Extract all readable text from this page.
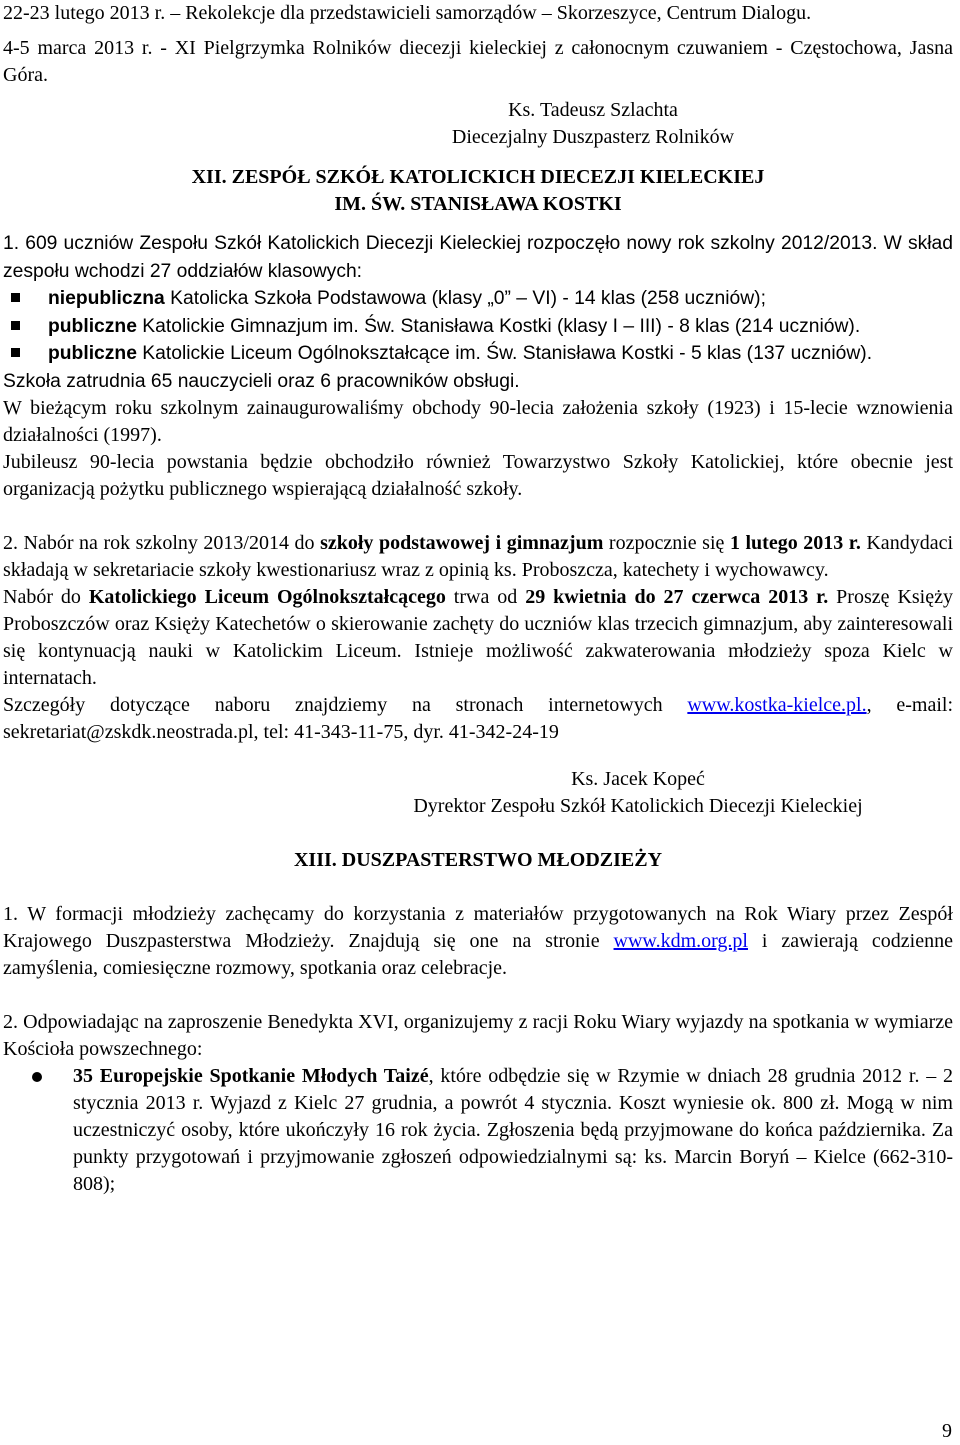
22-23 lutego 2013 r. – Rekolekcje dla przedstawicieli samorządów – Skorzeszyce, Centrum Dialogu.

4-5 marca 2013 r. - XI Pielgrzymka Rolników diecezji kieleckiej z całonocnym czuwaniem - Częstochowa, Jasna Góra.

Ks. Tadeusz Szlachta
Diecezjalny Duszpasterz Rolników
XII. ZESPÓŁ SZKÓŁ KATOLICKICH DIECEZJI KIELECKIEJ
IM. ŚW. STANISŁAWA KOSTKI

1. 609 uczniów Zespołu Szkół Katolickich Diecezji Kieleckiej rozpoczęło nowy rok szkolny 2012/2013. W skład zespołu wchodzi 27 oddziałów klasowych:

niepubliczna Katolicka Szkoła Podstawowa (klasy „0” – VI) - 14 klas (258 uczniów);
publiczne Katolickie Gimnazjum im. Św. Stanisława Kostki (klasy I – III) - 8 klas (214 uczniów).
publiczne Katolickie Liceum Ogólnokształcące im. Św. Stanisława Kostki - 5 klas (137 uczniów).

Szkoła zatrudnia 65 nauczycieli oraz 6 pracowników obsługi.

W bieżącym roku szkolnym zainaugurowaliśmy obchody 90-lecia założenia szkoły (1923) i 15-lecie wznowienia działalności (1997).

Jubileusz 90-lecia powstania będzie obchodziło również Towarzystwo Szkoły Katolickiej, które obecnie jest organizacją pożytku publicznego wspierającą działalność szkoły.

2. Nabór na rok szkolny 2013/2014 do szkoły podstawowej i gimnazjum rozpocznie się 1 lutego 2013 r. Kandydaci składają w sekretariacie szkoły kwestionariusz wraz z opinią ks. Proboszcza, katechety i wychowawcy.

Nabór do Katolickiego Liceum Ogólnokształcącego trwa od 29 kwietnia do 27 czerwca 2013 r. Proszę Księży Proboszczów oraz Księży Katechetów o skierowanie zachęty do uczniów klas trzecich gimnazjum, aby zainteresowali się kontynuacją nauki w Katolickim Liceum. Istnieje możliwość zakwaterowania młodzieży spoza Kielc w internatach.

Szczegóły dotyczące naboru znajdziemy na stronach internetowych www.kostka-kielce.pl., e-mail: sekretariat@zskdk.neostrada.pl, tel: 41-343-11-75, dyr. 41-342-24-19

Ks. Jacek Kopeć
Dyrektor Zespołu Szkół Katolickich Diecezji Kieleckiej
XIII. DUSZPASTERSTWO MŁODZIEŻY

1. W formacji młodzieży zachęcamy do korzystania z materiałów przygotowanych na Rok Wiary przez Zespół Krajowego Duszpasterstwa Młodzieży. Znajdują się one na stronie www.kdm.org.pl i zawierają codzienne zamyślenia, comiesięczne rozmowy, spotkania oraz celebracje.

2. Odpowiadając na zaproszenie Benedykta XVI, organizujemy z racji Roku Wiary wyjazdy na spotkania w wymiarze Kościoła powszechnego:

35 Europejskie Spotkanie Młodych Taizé, które odbędzie się w Rzymie w dniach 28 grudnia 2012 r. – 2 stycznia 2013 r. Wyjazd z Kielc 27 grudnia, a powrót 4 stycznia. Koszt wyniesie ok. 800 zł. Mogą w nim uczestniczyć osoby, które ukończyły 16 rok życia. Zgłoszenia będą przyjmowane do końca października. Za punkty przygotowań i przyjmowanie zgłoszeń odpowiedzialnymi są: ks. Marcin Boryń – Kielce (662-310-808);
9
